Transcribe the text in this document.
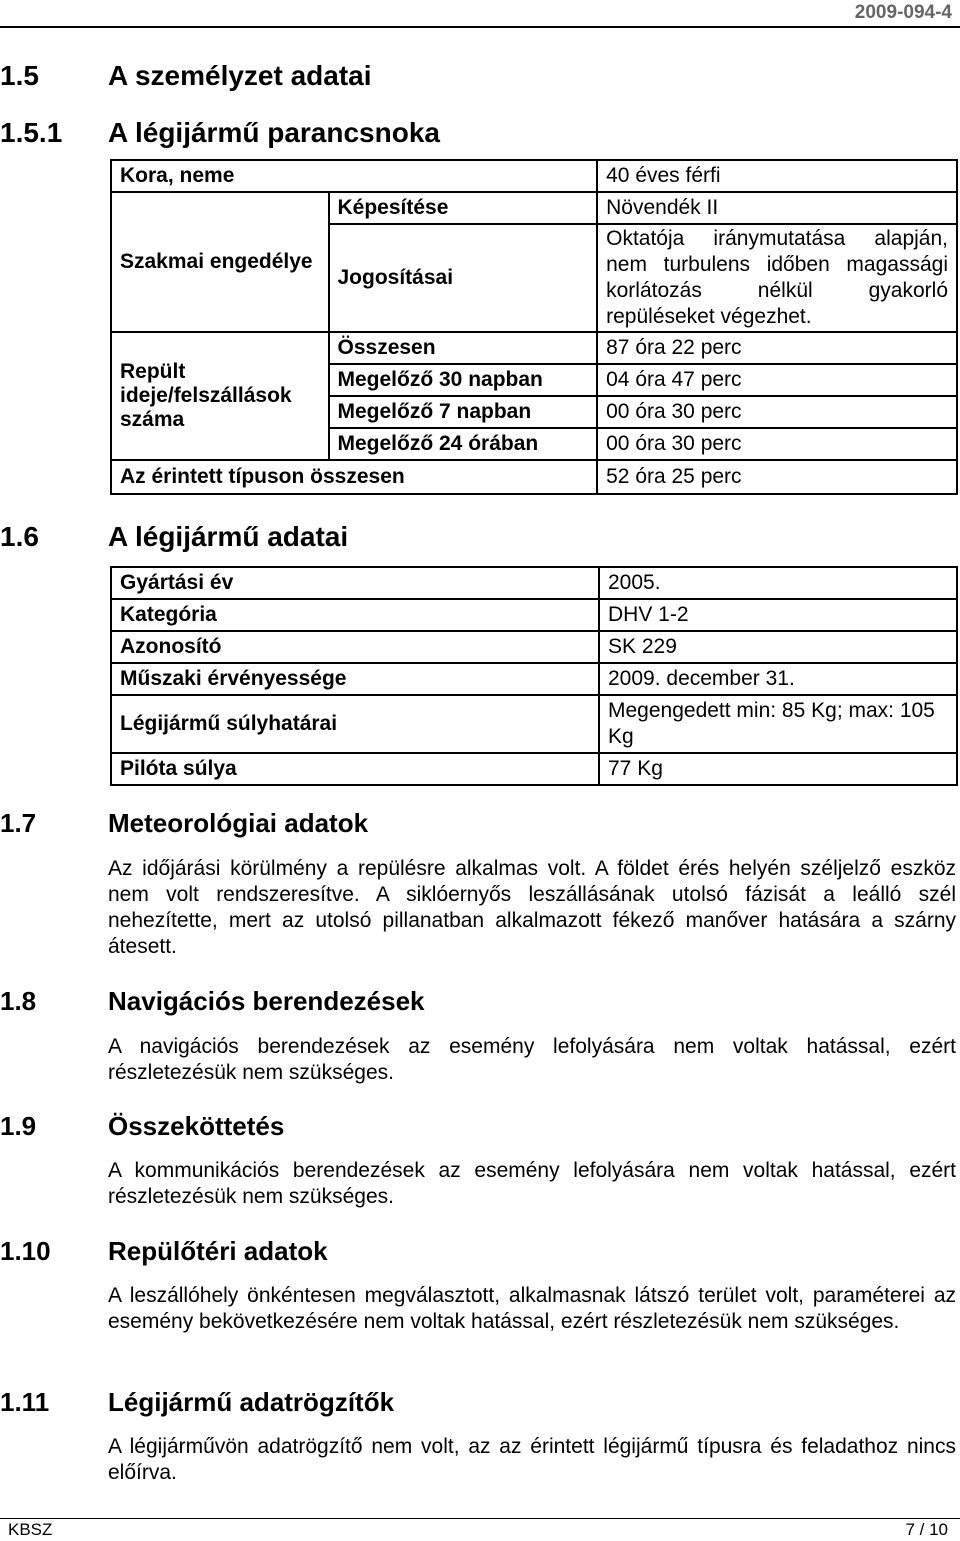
2009-094-4
1.5 A személyzet adatai
1.5.1 A légijármű parancsnoka
Kora, neme		40 éves férfi
Szakmai engedélye	Képesítése	Növendék II
	Jogosításai	Oktatója iránymutatása alapján, nem turbulens időben magassági korlátozás nélkül gyakorló repüléseket végezhet.
Repült ideje/felszállások száma	Összesen	87 óra 22 perc
	Megelőző 30 napban	04 óra 47 perc
	Megelőző 7 napban	00 óra 30 perc
	Megelőző 24 órában	00 óra 30 perc
Az érintett típuson összesen		52 óra 25 perc
1.6 A légijármű adatai
Gyártási év	2005.
Kategória	DHV 1-2
Azonosító	SK 229
Műszaki érvényessége	2009. december 31.
Légijármű súlyhatárai	Megengedett min: 85 Kg; max: 105 Kg
Pilóta súlya	77 Kg
1.7	Meteorológiai adatok

Az időjárási körülmény a repülésre alkalmas volt. A földet érés helyén széljelző eszköz nem volt rendszeresítve. A siklóernyős leszállásának utolsó fázisát a leálló szél nehezítette, mert az utolsó pillanatban alkalmazott fékező manőver hatására a szárny átesett.

1.8	Navigációs berendezések

A navigációs berendezések az esemény lefolyására nem voltak hatással, ezért részletezésük nem szükséges.

1.9	Összeköttetés

A kommunikációs berendezések az esemény lefolyására nem voltak hatással, ezért részletezésük nem szükséges.

1.10 Repülőtéri adatok

A leszállóhely önkéntesen megválasztott, alkalmasnak látszó terület volt, paraméterei az esemény bekövetkezésére nem voltak hatással, ezért részletezésük nem szükséges.

1.11 Légijármű adatrögzítők

A légijárművön adatrögzítő nem volt, az az érintett légijármű típusra és feladathoz nincs előírva.

KBSZ	7 / 10
